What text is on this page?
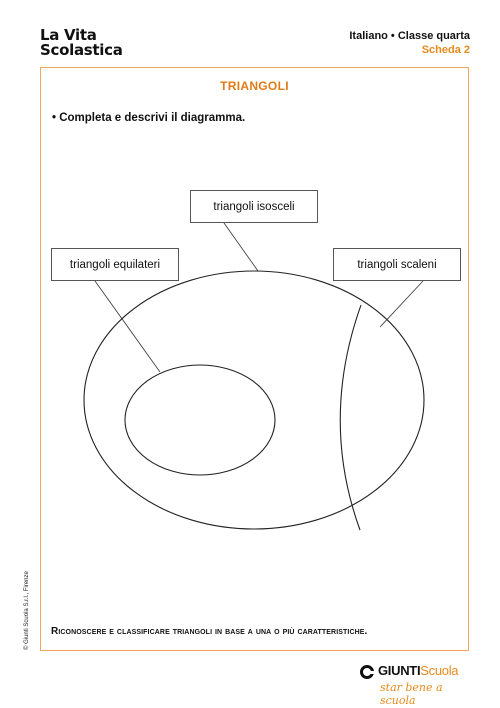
La Vita
Scolastica
Italiano • Classe quarta
Scheda 2
TRIANGOLI
• Completa e descrivi il diagramma.
triangoli isosceli
triangoli equilateri	triangoli scaleni
Riconoscere e classificare triangoli in base a una o più caratteristiche.
© Giunti Scuola S.r.l., Firenze
GIUNTIScuola
star bene a scuola
